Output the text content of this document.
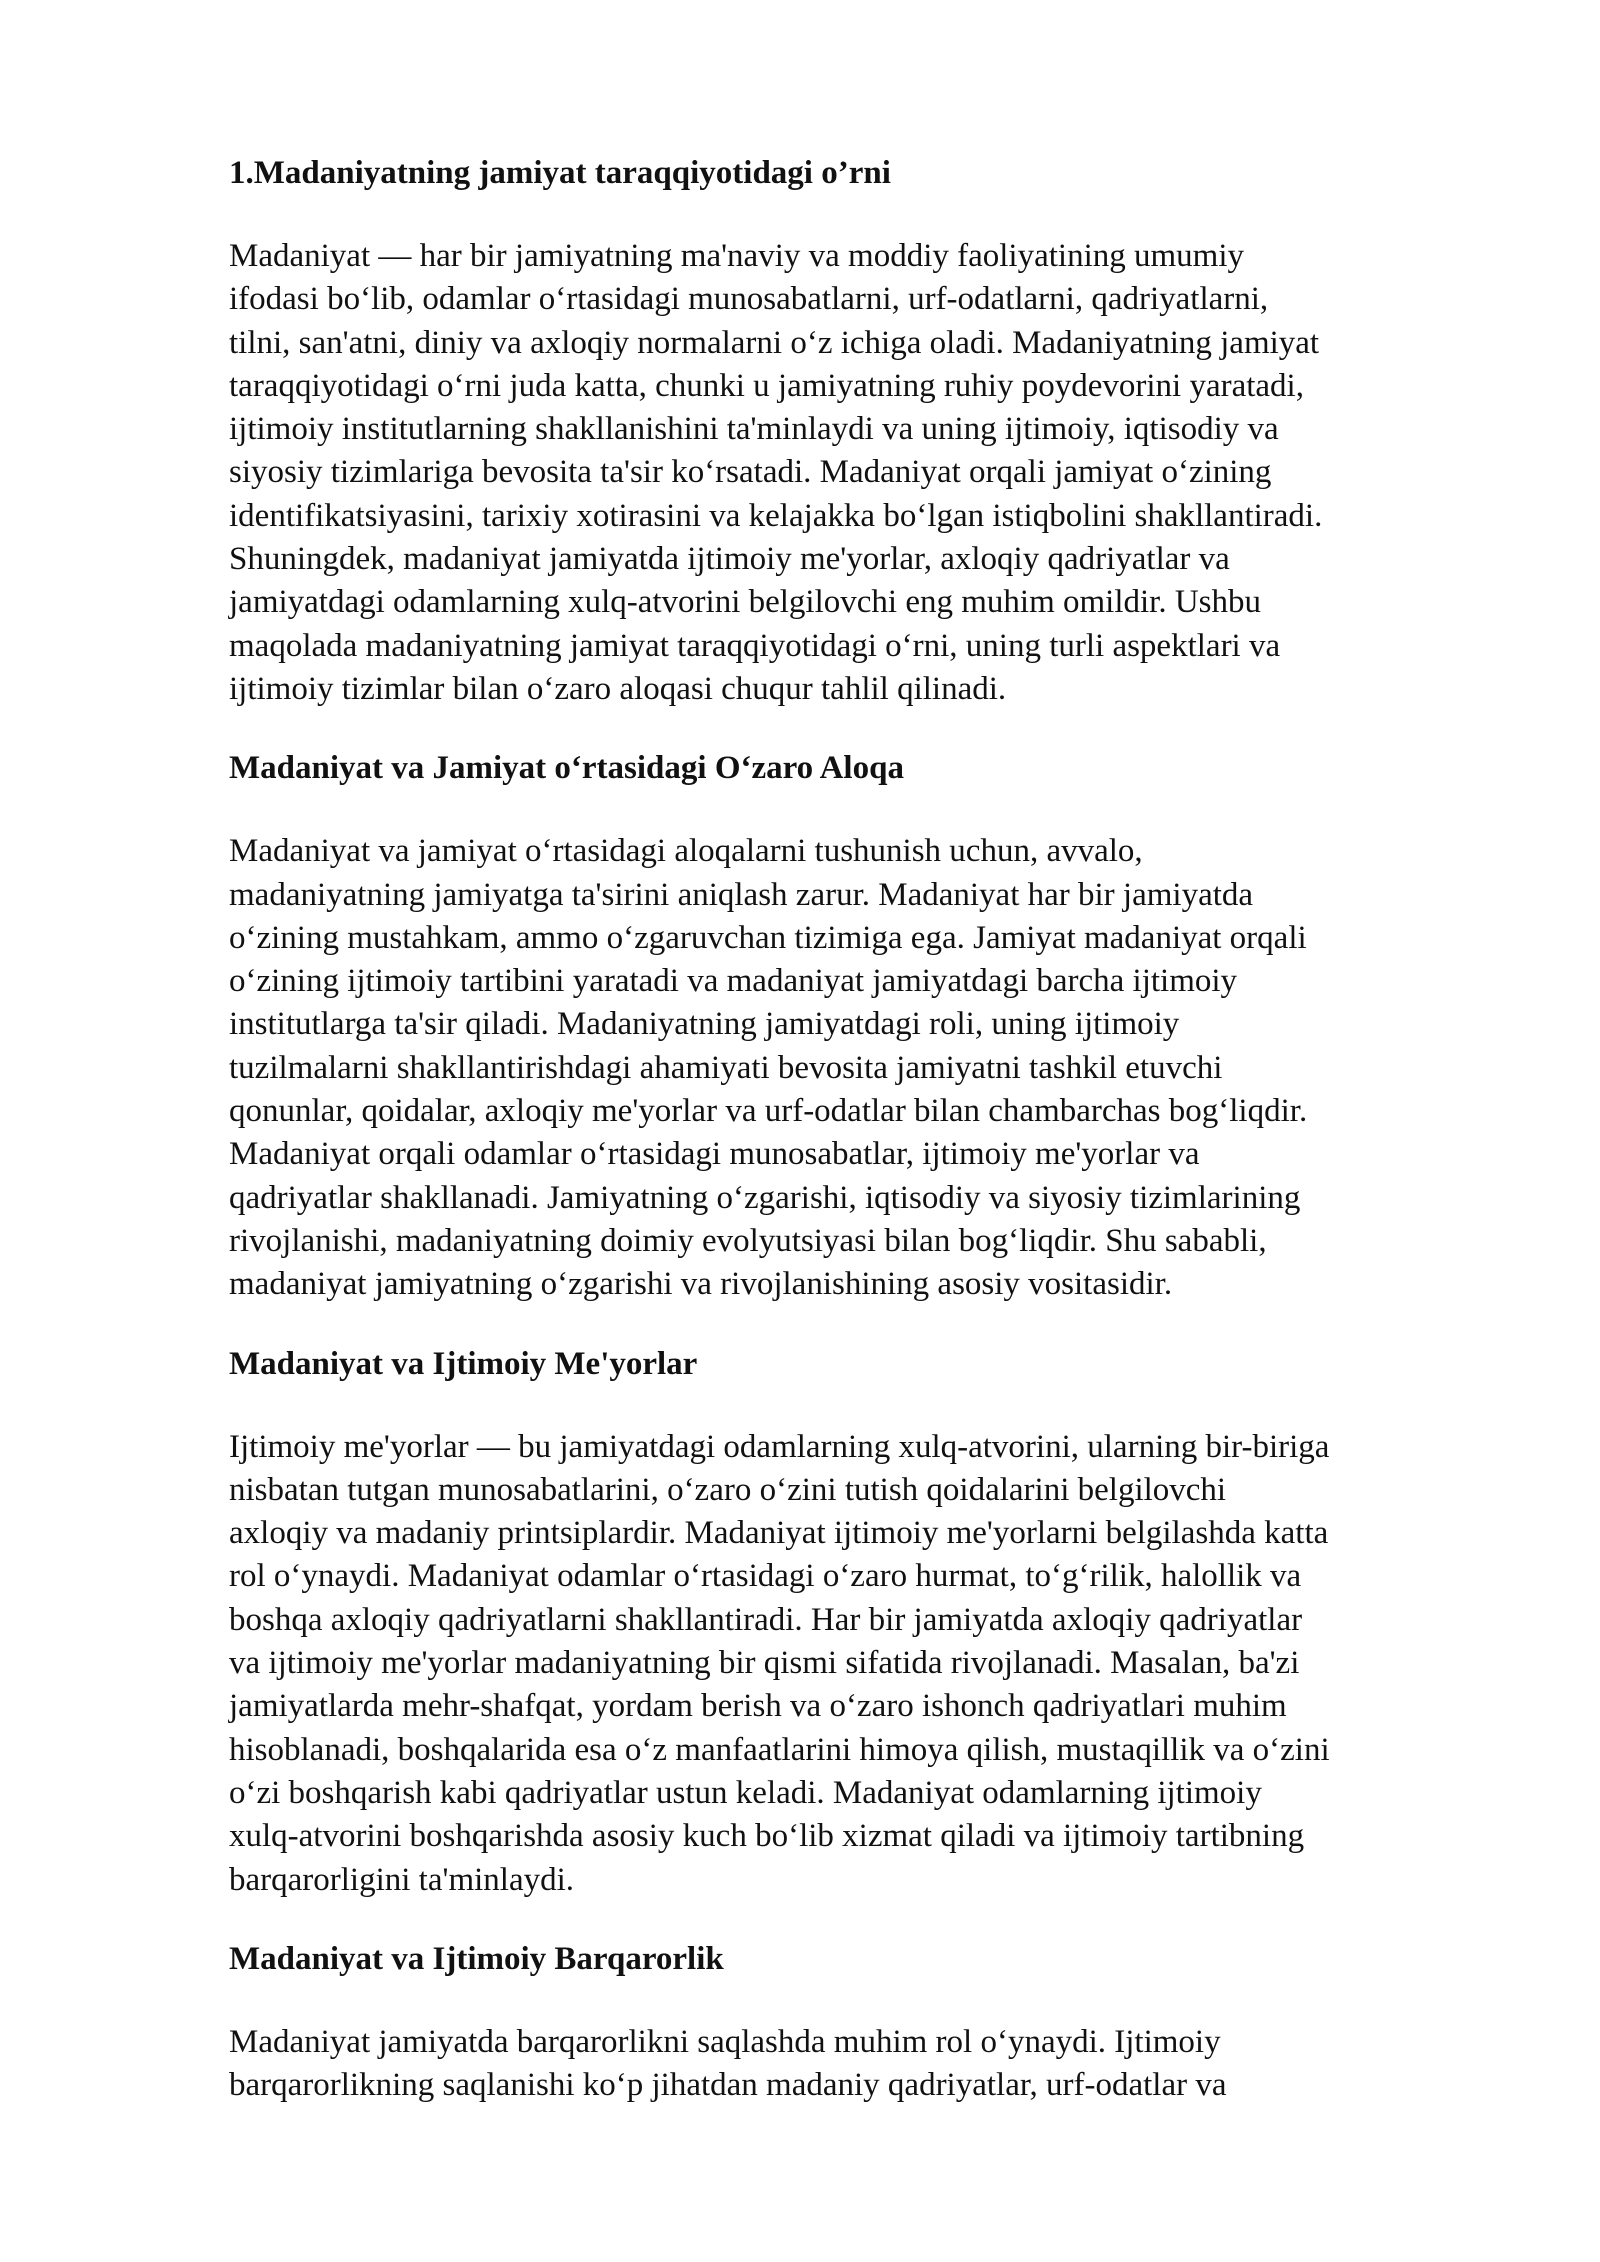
1.Madaniyatning jamiyat taraqqiyotidagi o’rni

Madaniyat — har bir jamiyatning ma'naviy va moddiy faoliyatining umumiy
ifodasi bo‘lib, odamlar o‘rtasidagi munosabatlarni, urf-odatlarni, qadriyatlarni,
tilni, san'atni, diniy va axloqiy normalarni o‘z ichiga oladi. Madaniyatning jamiyat
taraqqiyotidagi o‘rni juda katta, chunki u jamiyatning ruhiy poydevorini yaratadi,
ijtimoiy institutlarning shakllanishini ta'minlaydi va uning ijtimoiy, iqtisodiy va
siyosiy tizimlariga bevosita ta'sir ko‘rsatadi. Madaniyat orqali jamiyat o‘zining
identifikatsiyasini, tarixiy xotirasini va kelajakka bo‘lgan istiqbolini shakllantiradi.
Shuningdek, madaniyat jamiyatda ijtimoiy me'yorlar, axloqiy qadriyatlar va
jamiyatdagi odamlarning xulq-atvorini belgilovchi eng muhim omildir. Ushbu
maqolada madaniyatning jamiyat taraqqiyotidagi o‘rni, uning turli aspektlari va
ijtimoiy tizimlar bilan o‘zaro aloqasi chuqur tahlil qilinadi.

Madaniyat va Jamiyat o‘rtasidagi O‘zaro Aloqa

Madaniyat va jamiyat o‘rtasidagi aloqalarni tushunish uchun, avvalo,
madaniyatning jamiyatga ta'sirini aniqlash zarur. Madaniyat har bir jamiyatda
o‘zining mustahkam, ammo o‘zgaruvchan tizimiga ega. Jamiyat madaniyat orqali
o‘zining ijtimoiy tartibini yaratadi va madaniyat jamiyatdagi barcha ijtimoiy
institutlarga ta'sir qiladi. Madaniyatning jamiyatdagi roli, uning ijtimoiy
tuzilmalarni shakllantirishdagi ahamiyati bevosita jamiyatni tashkil etuvchi
qonunlar, qoidalar, axloqiy me'yorlar va urf-odatlar bilan chambarchas bog‘liqdir.
Madaniyat orqali odamlar o‘rtasidagi munosabatlar, ijtimoiy me'yorlar va
qadriyatlar shakllanadi. Jamiyatning o‘zgarishi, iqtisodiy va siyosiy tizimlarining
rivojlanishi, madaniyatning doimiy evolyutsiyasi bilan bog‘liqdir. Shu sababli,
madaniyat jamiyatning o‘zgarishi va rivojlanishining asosiy vositasidir.

Madaniyat va Ijtimoiy Me'yorlar

Ijtimoiy me'yorlar — bu jamiyatdagi odamlarning xulq-atvorini, ularning bir-biriga
nisbatan tutgan munosabatlarini, o‘zaro o‘zini tutish qoidalarini belgilovchi
axloqiy va madaniy printsiplardir. Madaniyat ijtimoiy me'yorlarni belgilashda katta
rol o‘ynaydi. Madaniyat odamlar o‘rtasidagi o‘zaro hurmat, to‘g‘rilik, halollik va
boshqa axloqiy qadriyatlarni shakllantiradi. Har bir jamiyatda axloqiy qadriyatlar
va ijtimoiy me'yorlar madaniyatning bir qismi sifatida rivojlanadi. Masalan, ba'zi
jamiyatlarda mehr-shafqat, yordam berish va o‘zaro ishonch qadriyatlari muhim
hisoblanadi, boshqalarida esa o‘z manfaatlarini himoya qilish, mustaqillik va o‘zini
o‘zi boshqarish kabi qadriyatlar ustun keladi. Madaniyat odamlarning ijtimoiy
xulq-atvorini boshqarishda asosiy kuch bo‘lib xizmat qiladi va ijtimoiy tartibning
barqarorligini ta'minlaydi.

Madaniyat va Ijtimoiy Barqarorlik

Madaniyat jamiyatda barqarorlikni saqlashda muhim rol o‘ynaydi. Ijtimoiy
barqarorlikning saqlanishi ko‘p jihatdan madaniy qadriyatlar, urf-odatlar va
